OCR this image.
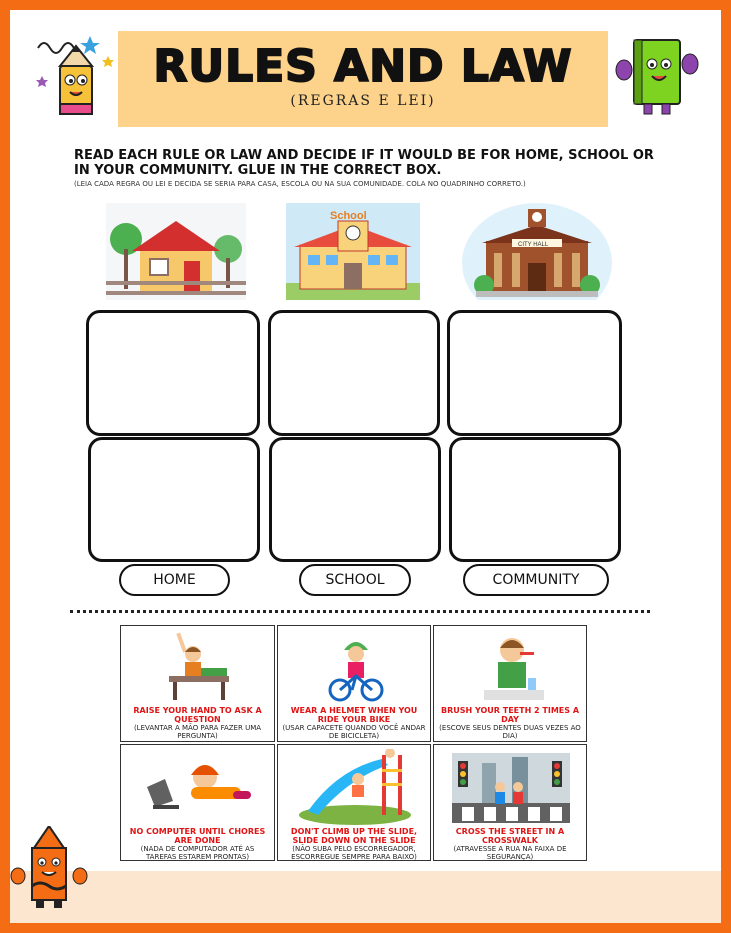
RULES AND LAW
(REGRAS E LEI)
READ EACH RULE OR LAW AND DECIDE IF IT WOULD BE FOR HOME, SCHOOL OR IN YOUR COMMUNITY. GLUE IN THE CORRECT BOX.
(LEIA CADA REGRA OU LEI E DECIDA SE SERIA PARA CASA, ESCOLA OU NA SUA COMUNIDADE. COLA NO QUADRINHO CORRETO.)
School
CITY HALL
HOME	SCHOOL	COMMUNITY
RAISE YOUR HAND TO ASK A QUESTION
(LEVANTAR A MÃO PARA FAZER UMA PERGUNTA)
WEAR A HELMET WHEN YOU RIDE YOUR BIKE
(USAR CAPACETE QUANDO VOCÊ ANDAR DE BICICLETA)
BRUSH YOUR TEETH 2 TIMES A DAY
(ESCOVE SEUS DENTES DUAS VEZES AO DIA)
NO COMPUTER UNTIL CHORES ARE DONE
(NADA DE COMPUTADOR ATÉ AS TAREFAS ESTAREM PRONTAS)
DON'T CLIMB UP THE SLIDE, SLIDE DOWN ON THE SLIDE
(NÃO SUBA PELO ESCORREGADOR, ESCORREGUE SEMPRE PARA BAIXO)
CROSS THE STREET IN A CROSSWALK
(ATRAVESSE A RUA NA FAIXA DE SEGURANÇA)
